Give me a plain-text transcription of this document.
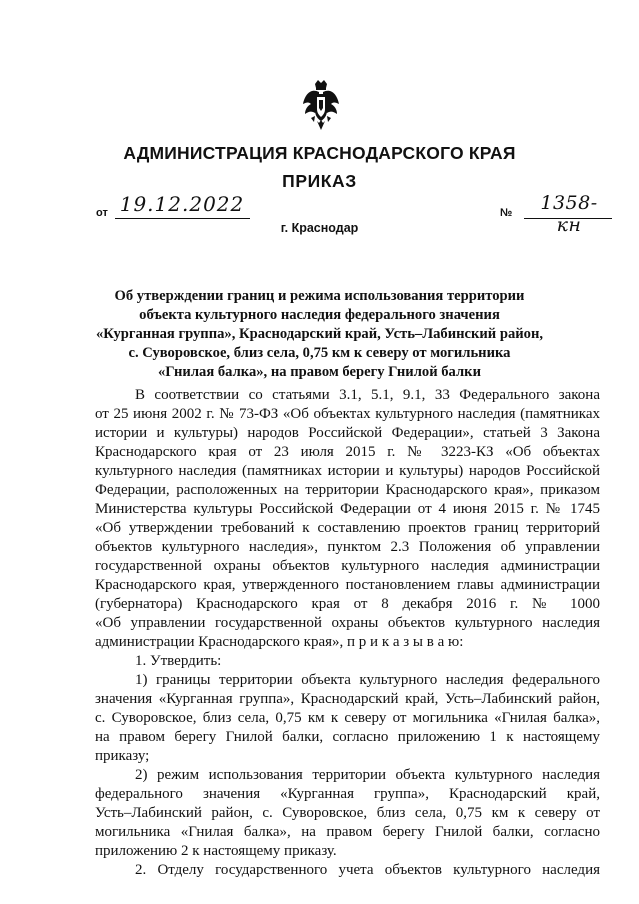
АДМИНИСТРАЦИЯ КРАСНОДАРСКОГО КРАЯ
ПРИКАЗ
от 19.12.2022
г. Краснодар
№	1358-кн
Об утверждении границ и режима использования территории
объекта культурного наследия федерального значения
«Курганная группа», Краснодарский край, Усть–Лабинский район,
с. Суворовское, близ села, 0,75 км к северу от могильника
«Гнилая балка», на правом берегу Гнилой балки

В соответствии со статьями 3.1, 5.1, 9.1, 33 Федерального закона
от 25 июня 2002 г. № 73-ФЗ «Об объектах культурного наследия (памятниках
истории и культуры) народов Российской Федерации», статьей 3 Закона
Краснодарского края от 23 июля 2015 г. № 3223-КЗ «Об объектах
культурного наследия (памятниках истории и культуры) народов Российской
Федерации, расположенных на территории Краснодарского края», приказом
Министерства культуры Российской Федерации от 4 июня 2015 г. № 1745
«Об утверждении требований к составлению проектов границ территорий
объектов культурного наследия», пунктом 2.3 Положения об управлении
государственной охраны объектов культурного наследия администрации
Краснодарского края, утвержденного постановлением главы администрации
(губернатора) Краснодарского края от 8 декабря 2016 г. № 1000
«Об управлении государственной охраны объектов культурного наследия
администрации Краснодарского края», п р и к а з ы в а ю:

1. Утвердить:

1) границы территории объекта культурного наследия федерального
значения «Курганная группа», Краснодарский край, Усть–Лабинский район,
с. Суворовское, близ села, 0,75 км к северу от могильника «Гнилая балка»,
на правом берегу Гнилой балки, согласно приложению 1 к настоящему
приказу;

2) режим использования территории объекта культурного наследия
федерального значения «Курганная группа», Краснодарский край,
Усть–Лабинский район, с. Суворовское, близ села, 0,75 км к северу от
могильника «Гнилая балка», на правом берегу Гнилой балки, согласно
приложению 2 к настоящему приказу.

2. Отделу государственного учета объектов культурного наследия
